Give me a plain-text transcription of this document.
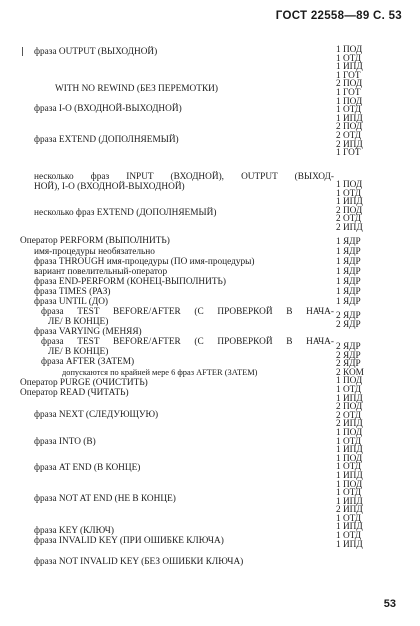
ГОСТ 22558—89 С. 53
фраза OUTPUT (ВЫХОДНОЙ)
WITH NO REWIND (БЕЗ ПЕРЕМОТКИ)
фраза I-O (ВХОДНОЙ-ВЫХОДНОЙ)
фраза EXTEND (ДОПОЛНЯЕМЫЙ)
несколько фраз INPUT (ВХОДНОЙ), OUTPUT (ВЫХОД-
НОЙ), I-O (ВХОДНОЙ-ВЫХОДНОЙ)
несколько фраз EXTEND (ДОПОЛНЯЕМЫЙ)
Оператор PERFORM (ВЫПОЛНИТЬ)
имя-процедуры необязательно
фраза THROUGH имя-процедуры (ПО имя-процедуры)
вариант повелительный-оператор
фраза END-PERFORM (КОНЕЦ-ВЫПОЛНИТЬ)
фраза TIMES (РАЗ)
фраза UNTIL (ДО)
фраза TEST BEFORE/AFTER (С ПРОВЕРКОЙ В НАЧА-
ЛЕ/ В КОНЦЕ)
фраза VARYING (МЕНЯЯ)
фраза TEST BEFORE/AFTER (С ПРОВЕРКОЙ В НАЧА-
ЛЕ/ В КОНЦЕ)
фраза AFTER (ЗАТЕМ)
допускаются по крайней мере 6 фраз AFTER (ЗАТЕМ)
Оператор PURGE (ОЧИСТИТЬ)
Оператор READ (ЧИТАТЬ)
фраза NEXT (СЛЕДУЮЩУЮ)
фраза INTO (В)
фраза AT END (В КОНЦЕ)
фраза NOT AT END (НЕ В КОНЦЕ)
фраза KEY (КЛЮЧ)
фраза INVALID KEY (ПРИ ОШИБКЕ КЛЮЧА)
фраза NOT INVALID KEY (БЕЗ ОШИБКИ КЛЮЧА)
1 ПОД
1 ОТД
1 ИПД
1 ГОТ
2 ПОД
1 ГОТ
1 ПОД
1 ОТД
1 ИПД
2 ПОД
2 ОТД
2 ИПД
1 ГОТ
1 ПОД
1 ОТД
1 ИПД
2 ПОД
2 ОТД
2 ИПД
1 ЯДР
1 ЯДР
1 ЯДР
1 ЯДР
1 ЯДР
1 ЯДР
1 ЯДР
2 ЯДР
2 ЯДР
2 ЯДР
2 ЯДР
2 ЯДР
2 КОМ
1 ПОД
1 ОТД
1 ИПД
2 ПОД
2 ОТД
2 ИПД
1 ПОД
1 ОТД
1 ИПД
1 ПОД
1 ОТД
1 ИПД
1 ПОД
1 ОТД
1 ИПД
2 ИПД
1 ОТД
1 ИПД
1 ОТД
1 ИПД
53
